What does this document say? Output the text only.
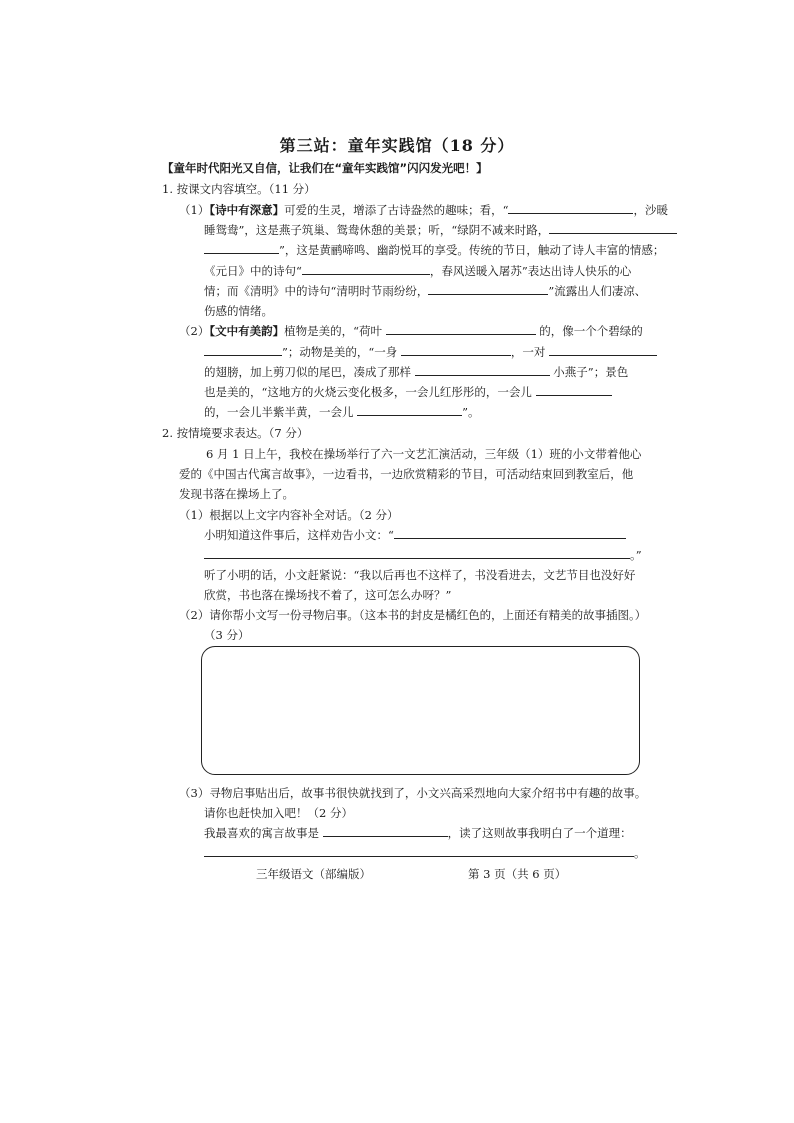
第三站：童年实践馆（18 分）
【童年时代阳光又自信，让我们在“童年实践馆”闪闪发光吧！】
1. 按课文内容填空。（11 分）
（1）【诗中有深意】可爱的生灵，增添了古诗盎然的趣味；看，“	，沙暖
睡鸳鸯”，这是燕子筑巢、鸳鸯休憩的美景；听，“绿阴不减来时路，
”，这是黄鹂啼鸣、幽韵悦耳的享受。传统的节日，触动了诗人丰富的情感；
《元日》中的诗句“	，春风送暖入屠苏”表达出诗人快乐的心
情；而《清明》中的诗句“清明时节雨纷纷，	”流露出人们凄凉、
伤感的情绪。
（2）【文中有美韵】植物是美的，“荷叶	的，像一个个碧绿的
”；动物是美的，“一身	，一对
的翅膀，加上剪刀似的尾巴，凑成了那样	小燕子”；景色
也是美的，“这地方的火烧云变化极多，一会儿红彤彤的，一会儿
的，一会儿半紫半黄，一会儿	”。
2. 按情境要求表达。（7 分）
6 月 1 日上午，我校在操场举行了六一文艺汇演活动，三年级（1）班的小文带着他心
爱的《中国古代寓言故事》，一边看书，一边欣赏精彩的节目，可活动结束回到教室后，他
发现书落在操场上了。
（1）根据以上文字内容补全对话。（2 分）
小明知道这件事后，这样劝告小文：“
。”
听了小明的话，小文赶紧说：“我以后再也不这样了，书没看进去，文艺节目也没好好
欣赏，书也落在操场找不着了，这可怎么办呀？”
（2）请你帮小文写一份寻物启事。（这本书的封皮是橘红色的，上面还有精美的故事插图。）
（3 分）
（3）寻物启事贴出后，故事书很快就找到了，小文兴高采烈地向大家介绍书中有趣的故事。
请你也赶快加入吧！（2 分）
我最喜欢的寓言故事是	，读了这则故事我明白了一个道理：
。
三年级语文（部编版）	第 3 页（共 6 页）
